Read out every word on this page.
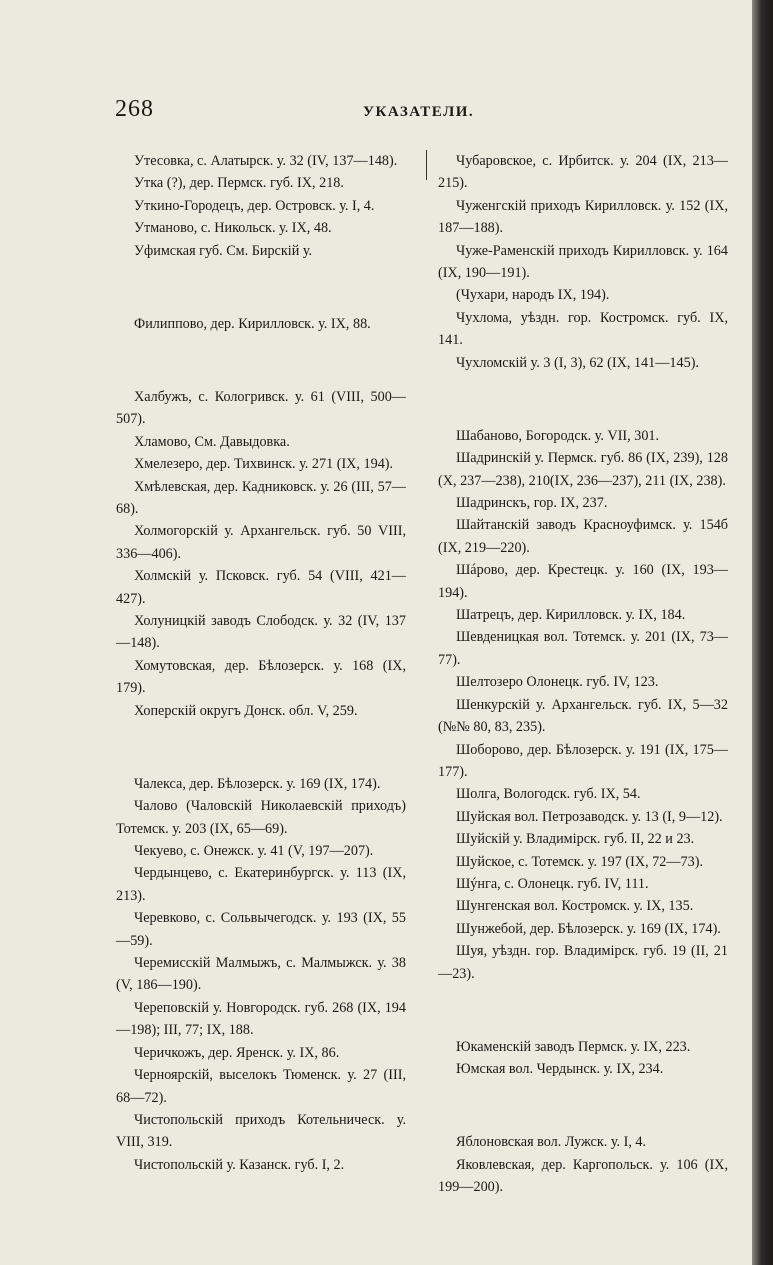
268	УКАЗАТЕЛИ.

Утесовка, с. Алатырск. у. 32 (IV, 137—148).

Утка (?), дер. Пермск. губ. IX, 218.

Уткино-Городецъ, дер. Островск. у. I, 4.

Утманово, с. Никольск. у. IX, 48.

Уфимская губ. См. Бирскій у.

Филиппово, дер. Кирилловск. у. IX, 88.

Халбужъ, с. Кологривск. у. 61 (VIII, 500—507).

Хламово, См. Давыдовка.

Хмелезеро, дер. Тихвинск. у. 271 (IX, 194).

Хмѣлевская, дер. Кадниковск. у. 26 (III, 57—68).

Холмогорскій у. Архангельск. губ. 50 VIII, 336—406).

Холмскій у. Псковск. губ. 54 (VIII, 421—427).

Холуницкій заводъ Слободск. у. 32 (IV, 137—148).

Хомутовская, дер. Бѣлозерск. у. 168 (IX, 179).

Хоперскій округъ Донск. обл. V, 259.

Чалекса, дер. Бѣлозерск. у. 169 (IX, 174).

Чалово (Чаловскій Николаевскій приходъ) Тотемск. у. 203 (IX, 65—69).

Чекуево, с. Онежск. у. 41 (V, 197—207).

Чердынцево, с. Екатеринбургск. у. 113 (IX, 213).

Черевково, с. Сольвычегодск. у. 193 (IX, 55—59).

Черемисскій Малмыжъ, с. Малмыжск. у. 38 (V, 186—190).

Череповскій у. Новгородск. губ. 268 (IX, 194—198); III, 77; IX, 188.

Черичкожъ, дер. Яренск. у. IX, 86.

Черноярскій, выселокъ Тюменск. у. 27 (III, 68—72).

Чистопольскій приходъ Котельническ. у. VIII, 319.

Чистопольскій у. Казанск. губ. I, 2.

Чубаровское, с. Ирбитск. у. 204 (IX, 213—215).

Чуженгскій приходъ Кирилловск. у. 152 (IX, 187—188).

Чуже-Раменскій приходъ Кирилловск. у. 164 (IX, 190—191).

(Чухари, народъ IX, 194).

Чухлома, уѣздн. гор. Костромск. губ. IX, 141.

Чухломскій у. 3 (I, 3), 62 (IX, 141—145).

Шабаново, Богородск. у. VII, 301.

Шадринскій у. Пермск. губ. 86 (IX, 239), 128 (X, 237—238), 210(IX, 236—237), 211 (IX, 238).

Шадринскъ, гор. IX, 237.

Шайтанскій заводъ Красноуфимск. у. 154б (IX, 219—220).

Шáрово, дер. Крестецк. у. 160 (IX, 193—194).

Шатрецъ, дер. Кирилловск. у. IX, 184.

Шевденицкая вол. Тотемск. у. 201 (IX, 73—77).

Шелтозеро Олонецк. губ. IV, 123.

Шенкурскій у. Архангельск. губ. IX, 5—32 (№№ 80, 83, 235).

Шоборово, дер. Бѣлозерск. у. 191 (IX, 175—177).

Шолга, Вологодск. губ. IX, 54.

Шуйская вол. Петрозаводск. у. 13 (I, 9—12).

Шуйскій у. Владимірск. губ. II, 22 и 23.

Шуйское, с. Тотемск. у. 197 (IX, 72—73).

Шýнга, с. Олонецк. губ. IV, 111.

Шунгенская вол. Костромск. у. IX, 135.

Шунжебой, дер. Бѣлозерск. у. 169 (IX, 174).

Шуя, уѣздн. гор. Владимірск. губ. 19 (II, 21—23).

Юкаменскій заводъ Пермск. у. IX, 223.

Юмская вол. Чердынск. у. IX, 234.

Яблоновская вол. Лужск. у. I, 4.

Яковлевская, дер. Каргопольск. у. 106 (IX, 199—200).
